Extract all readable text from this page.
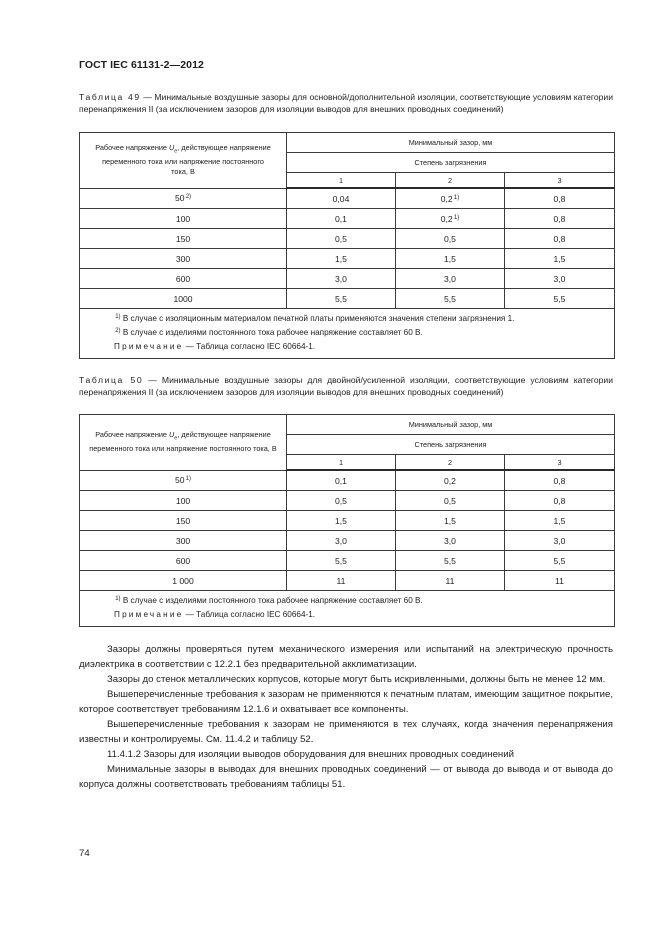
ГОСТ IEC 61131-2—2012
Таблица 49 — Минимальные воздушные зазоры для основной/дополнительной изоляции, соответствующие условиям категории перенапряжения II (за исключением зазоров для изоляции выводов для внешних проводных соединений)
Рабочее напряжение $U_e$, действующее напряжение переменного тока или напряжение постоянного тока, В	Минимальный зазор, мм		
	Степень загрязнения		
	1	2	3
50 $^{2)}$	0,04	0,2 $^{1)}$	0,8
100	0,1	0,2 $^{1)}$	0,8
150	0,5	0,5	0,8
300	1,5	1,5	1,5
600	3,0	3,0	3,0
1000	5,5	5,5	5,5

 $^{1)}$ В случае с изоляционным материалом печатной платы применяются значения степени загрязнения 1.
 $^{2)}$ В случае с изделиями постоянного тока рабочее напряжение составляет 60 В.
Примечание — Таблица согласно IEC 60664-1.			
Таблица 50 — Минимальные воздушные зазоры для двойной/усиленной изоляции, соответствующие условиям категории перенапряжения II (за исключением зазоров для изоляции выводов для внешних проводных соединений)
Рабочее напряжение $U_e$, действующее напряжение переменного тока или напряжение постоянного тока, В	Минимальный зазор, мм		
	Степень загрязнения		
	1	2	3
50 $^{1)}$	0,1	0,2	0,8
100	0,5	0,5	0,8
150	1,5	1,5	1,5
300	3,0	3,0	3,0
600	5,5	5,5	5,5
1 000	11	11	11

 $^{1)}$ В случае с изделиями постоянного тока рабочее напряжение составляет 60 В.
Примечание — Таблица согласно IEC 60664-1.			

Зазоры должны проверяться путем механического измерения или испытаний на электрическую прочность диэлектрика в соответствии с 12.2.1 без предварительной акклиматизации.

Зазоры до стенок металлических корпусов, которые могут быть искривленными, должны быть не менее 12 мм.

Вышеперечисленные требования к зазорам не применяются к печатным платам, имеющим защитное покрытие, которое соответствует требованиям 12.1.6 и охватывает все компоненты.

Вышеперечисленные требования к зазорам не применяются в тех случаях, когда значения перенапряжения известны и контролируемы. См. 11.4.2 и таблицу 52.

11.4.1.2 Зазоры для изоляции выводов оборудования для внешних проводных соединений

Минимальные зазоры в выводах для внешних проводных соединений — от вывода до вывода и от вывода до корпуса должны соответствовать требованиям таблицы 51.

74
